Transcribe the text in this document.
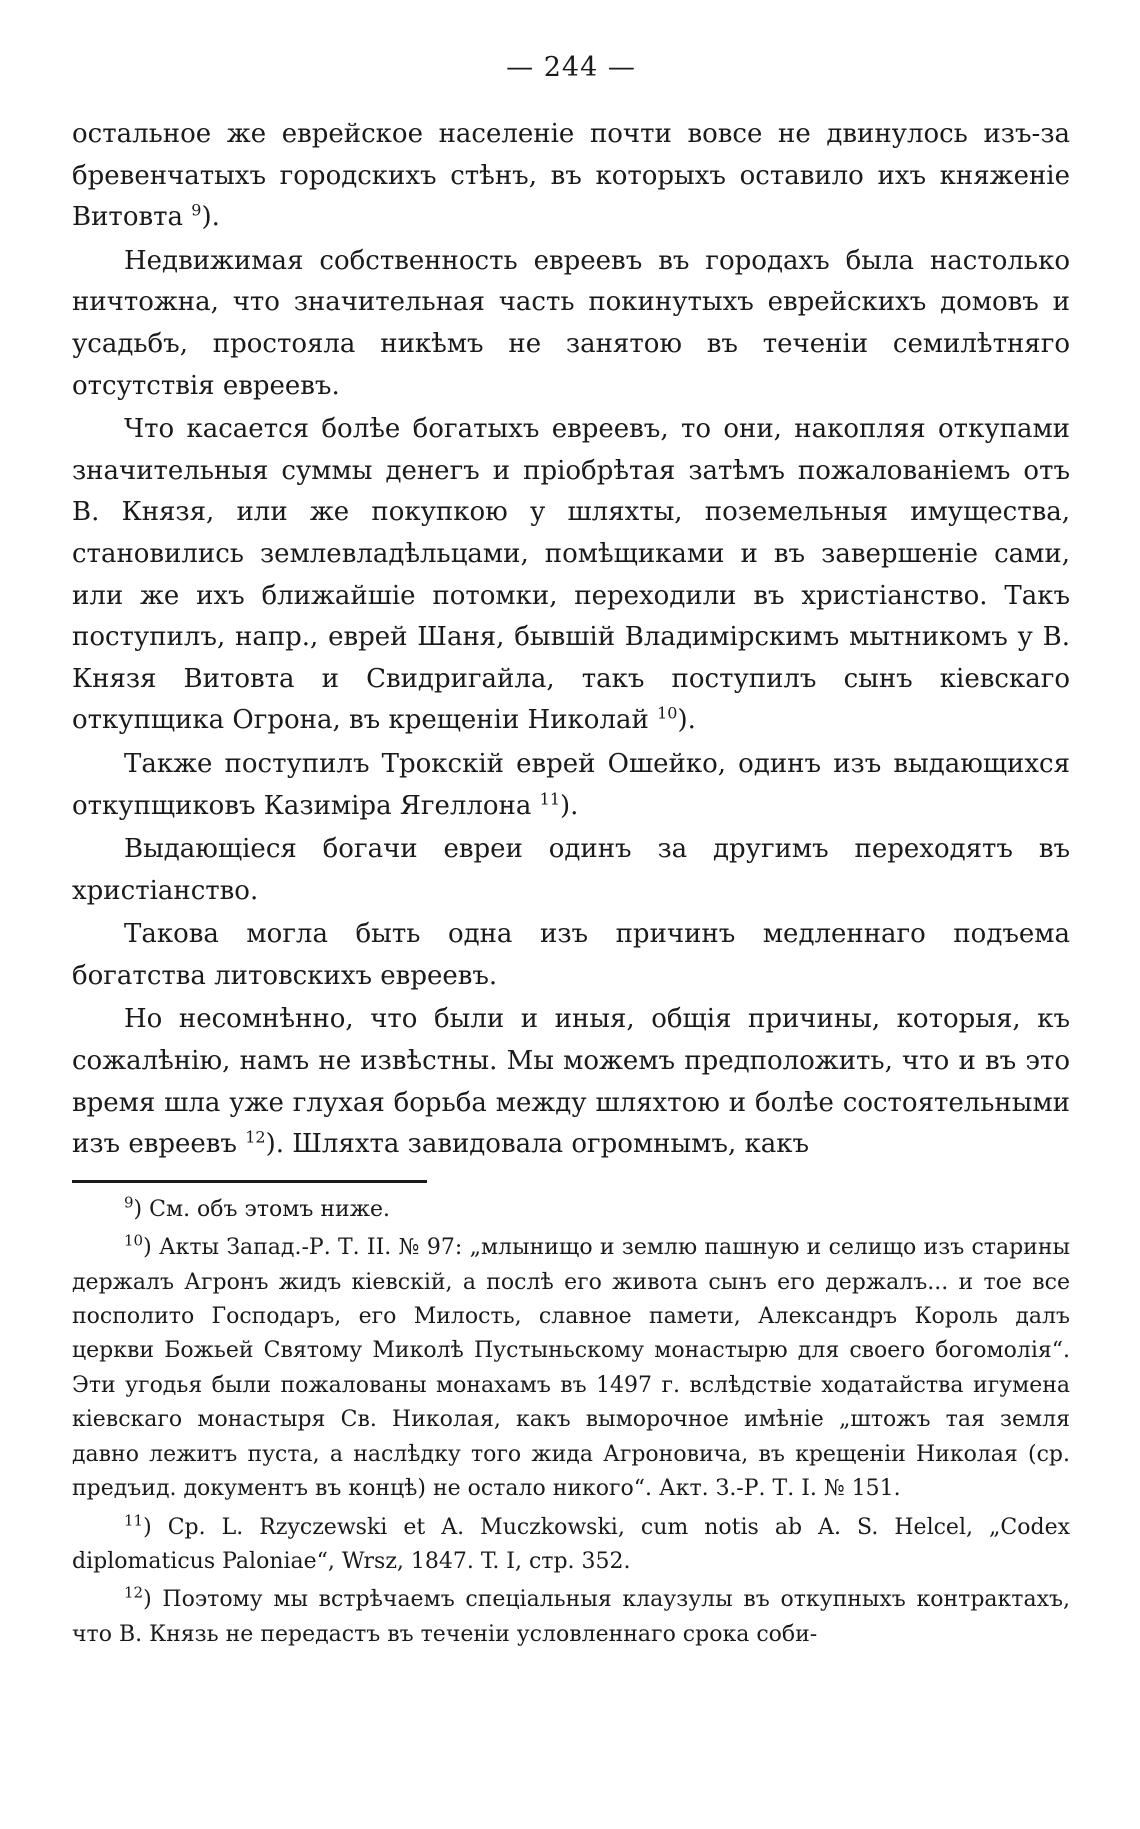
— 244 —

остальное же еврейское населеніе почти вовсе не двинулось изъ-за бревенчатыхъ городскихъ стѣнъ, въ которыхъ оставило ихъ княженіе Витовта $^9$).

Недвижимая собственность евреевъ въ городахъ была настолько ничтожна, что значительная часть покинутыхъ еврейскихъ домовъ и усадьбъ, простояла никѣмъ не занятою въ теченіи семилѣтняго отсутствія евреевъ.

Что касается болѣе богатыхъ евреевъ, то они, накопляя откупами значительныя суммы денегъ и пріобрѣтая затѣмъ пожалованіемъ отъ В. Князя, или же покупкою у шляхты, поземельныя имущества, становились землевладѣльцами, помѣщиками и въ завершеніе сами, или же ихъ ближайшіе потомки, переходили въ христіанство. Такъ поступилъ, напр., еврей Шаня, бывшій Владимірскимъ мытникомъ у В. Князя Витовта и Свидригайла, такъ поступилъ сынъ кіевскаго откупщика Огрона, въ крещеніи Николай $^{10}$).

Также поступилъ Трокскій еврей Ошейко, одинъ изъ выдающихся откупщиковъ Казиміра Ягеллона $^{11}$).

Выдающіеся богачи евреи одинъ за другимъ переходятъ въ христіанство.

Такова могла быть одна изъ причинъ медленнаго подъема богатства литовскихъ евреевъ.

Но несомнѣнно, что были и иныя, общія причины, которыя, къ сожалѣнію, намъ не извѣстны. Мы можемъ предположить, что и въ это время шла уже глухая борьба между шляхтою и болѣе состоятельными изъ евреевъ $^{12}$). Шляхта завидовала огромнымъ, какъ

$^9$) См. объ этомъ ниже.

$^{10}$) Акты Запад.-Р. Т. II. № 97: „млынищо и землю пашную и селищо изъ старины держалъ Агронъ жидъ кіевскій, а послѣ его живота сынъ его держалъ... и тое все посполито Господаръ, его Милость, славное памети, Александръ Король далъ церкви Божьей Святому Миколѣ Пустыньскому монастырю для своего богомолія“. Эти угодья были пожалованы монахамъ въ 1497 г. вслѣдствіе ходатайства игумена кіевскаго монастыря Св. Николая, какъ выморочное имѣніе „штожъ тая земля давно лежитъ пуста, а наслѣдку того жида Агроновича, въ крещеніи Николая (ср. предъид. документъ въ концѣ) не остало никого“. Акт. З.-Р. Т. I. № 151.

$^{11}$) Ср. L. Rzyczewski et A. Muczkowski, cum notis ab A. S. Helcel, „Codex diplomaticus Paloniae“, Wrsz, 1847. T. I, стр. 352.

$^{12}$) Поэтому мы встрѣчаемъ спеціальныя клаузулы въ откупныхъ контрактахъ, что В. Князь не передастъ въ теченіи условленнаго срока соби-
